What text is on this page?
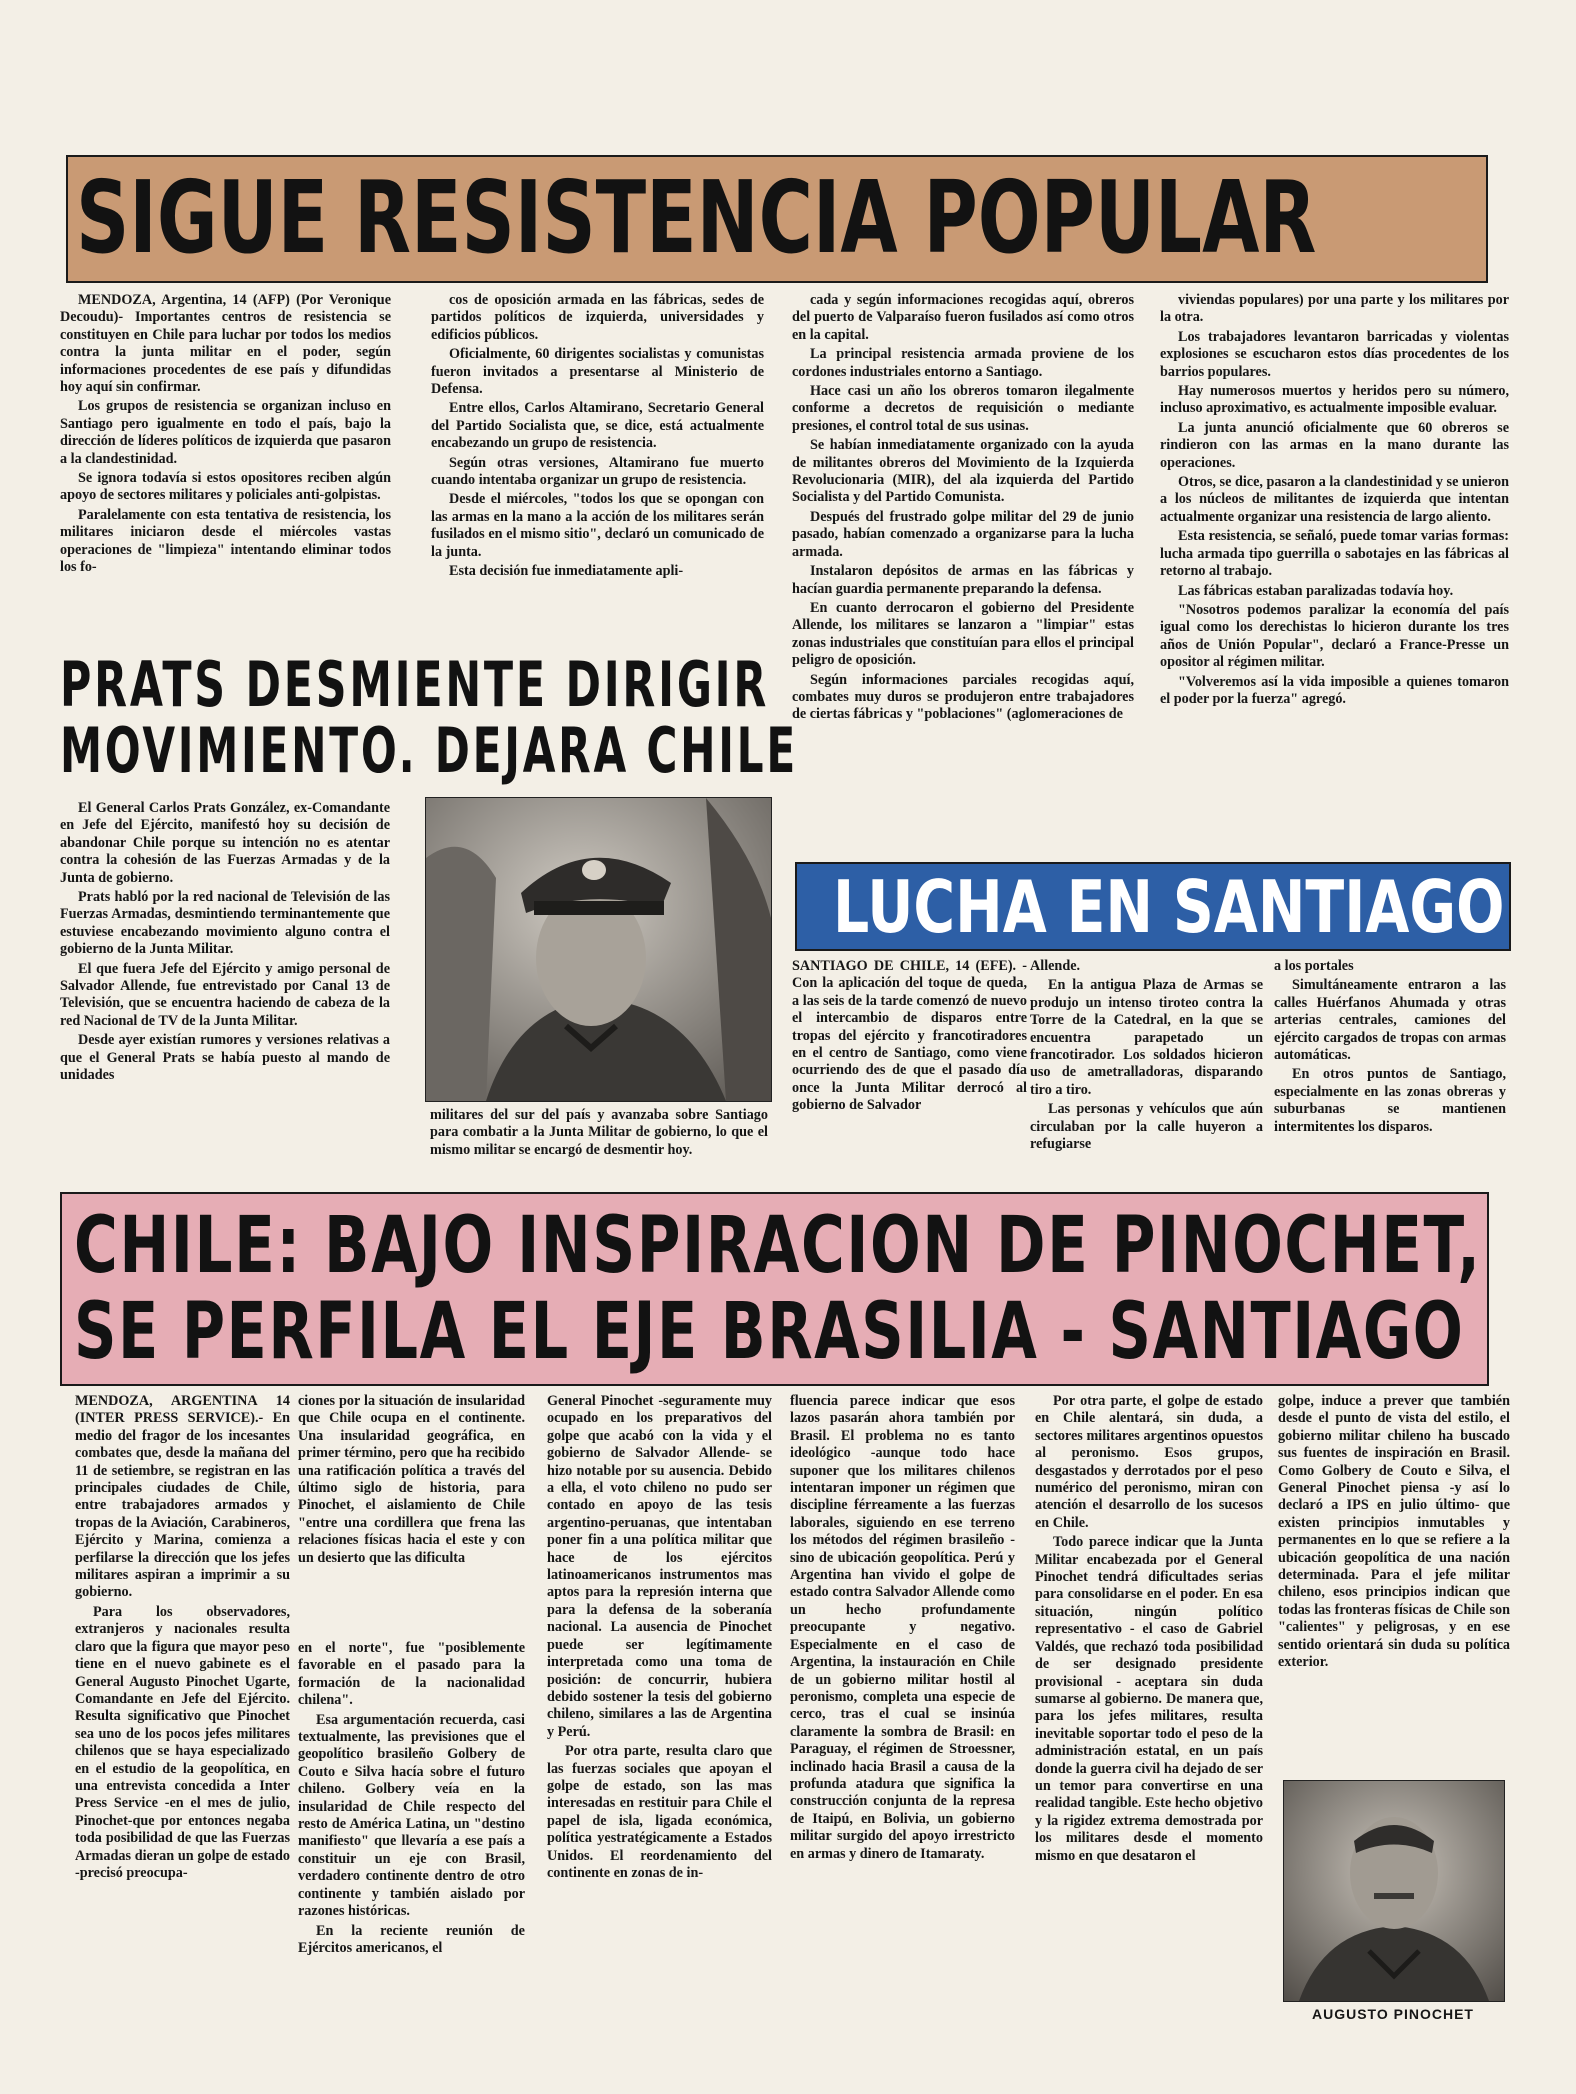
SIGUE RESISTENCIA POPULAR

MENDOZA, Argentina, 14 (AFP) (Por Veronique Decoudu)- Importantes centros de resistencia se constituyen en Chile para luchar por todos los medios contra la junta militar en el poder, según informaciones procedentes de ese país y difundidas hoy aquí sin confirmar.

Los grupos de resistencia se organizan incluso en Santiago pero igualmente en todo el país, bajo la dirección de líderes políticos de izquierda que pasaron a la clandestinidad.

Se ignora todavía si estos opositores reciben algún apoyo de sectores militares y policiales anti-golpistas.

Paralelamente con esta tentativa de resistencia, los militares iniciaron desde el miércoles vastas operaciones de "limpieza" intentando eliminar todos los fo-

cos de oposición armada en las fábricas, sedes de partidos políticos de izquierda, universidades y edificios públicos.

Oficialmente, 60 dirigentes socialistas y comunistas fueron invitados a presentarse al Ministerio de Defensa.

Entre ellos, Carlos Altamirano, Secretario General del Partido Socialista que, se dice, está actualmente encabezando un grupo de resistencia.

Según otras versiones, Altamirano fue muerto cuando intentaba organizar un grupo de resistencia.

Desde el miércoles, "todos los que se opongan con las armas en la mano a la acción de los militares serán fusilados en el mismo sitio", declaró un comunicado de la junta.

Esta decisión fue inmediatamente apli-

cada y según informaciones recogidas aquí, obreros del puerto de Valparaíso fueron fusilados así como otros en la capital.

La principal resistencia armada proviene de los cordones industriales entorno a Santiago.

Hace casi un año los obreros tomaron ilegalmente conforme a decretos de requisición o mediante presiones, el control total de sus usinas.

Se habían inmediatamente organizado con la ayuda de militantes obreros del Movimiento de la Izquierda Revolucionaria (MIR), del ala izquierda del Partido Socialista y del Partido Comunista.

Después del frustrado golpe militar del 29 de junio pasado, habían comenzado a organizarse para la lucha armada.

Instalaron depósitos de armas en las fábricas y hacían guardia permanente preparando la defensa.

En cuanto derrocaron el gobierno del Presidente Allende, los militares se lanzaron a "limpiar" estas zonas industriales que constituían para ellos el principal peligro de oposición.

Según informaciones parciales recogidas aquí, combates muy duros se produjeron entre trabajadores de ciertas fábricas y "poblaciones" (aglomeraciones de

viviendas populares) por una parte y los militares por la otra.

Los trabajadores levantaron barricadas y violentas explosiones se escucharon estos días procedentes de los barrios populares.

Hay numerosos muertos y heridos pero su número, incluso aproximativo, es actualmente imposible evaluar.

La junta anunció oficialmente que 60 obreros se rindieron con las armas en la mano durante las operaciones.

Otros, se dice, pasaron a la clandestinidad y se unieron a los núcleos de militantes de izquierda que intentan actualmente organizar una resistencia de largo aliento.

Esta resistencia, se señaló, puede tomar varias formas: lucha armada tipo guerrilla o sabotajes en las fábricas al retorno al trabajo.

Las fábricas estaban paralizadas todavía hoy.

"Nosotros podemos paralizar la economía del país igual como los derechistas lo hicieron durante los tres años de Unión Popular", declaró a France-Presse un opositor al régimen militar.

"Volveremos así la vida imposible a quienes tomaron el poder por la fuerza" agregó.

PRATS DESMIENTE DIRIGIR
MOVIMIENTO. DEJARA CHILE

El General Carlos Prats González, ex-Comandante en Jefe del Ejército, manifestó hoy su decisión de abandonar Chile porque su intención no es atentar contra la cohesión de las Fuerzas Armadas y de la Junta de gobierno.

Prats habló por la red nacional de Televisión de las Fuerzas Armadas, desmintiendo terminantemente que estuviese encabezando movimiento alguno contra el gobierno de la Junta Militar.

El que fuera Jefe del Ejército y amigo personal de Salvador Allende, fue entrevistado por Canal 13 de Televisión, que se encuentra haciendo de cabeza de la red Nacional de TV de la Junta Militar.

Desde ayer existían rumores y versiones relativas a que el General Prats se había puesto al mando de unidades

militares del sur del país y avanzaba sobre Santiago para combatir a la Junta Militar de gobierno, lo que el mismo militar se encargó de desmentir hoy.
LUCHA EN SANTIAGO
SANTIAGO DE CHILE, 14 (EFE). - Con la aplicación del toque de queda, a las seis de la tarde comenzó de nuevo el intercambio de disparos entre tropas del ejército y francotiradores en el centro de Santiago, como viene ocurriendo des de que el pasado día once la Junta Militar derrocó al gobierno de Salvador

Allende.

En la antigua Plaza de Armas se produjo un intenso tiroteo contra la Torre de la Catedral, en la que se encuentra parapetado un francotirador. Los soldados hicieron uso de ametralladoras, disparando tiro a tiro.

Las personas y vehículos que aún circulaban por la calle huyeron a refugiarse

a los portales

Simultáneamente entraron a las calles Huérfanos Ahumada y otras arterias centrales, camiones del ejército cargados de tropas con armas automáticas.

En otros puntos de Santiago, especialmente en las zonas obreras y suburbanas se mantienen intermitentes los disparos.

CHILE: BAJO INSPIRACION DE PINOCHET,
SE PERFILA EL EJE BRASILIA - SANTIAGO

MENDOZA, ARGENTINA 14 (INTER PRESS SERVICE).- En medio del fragor de los incesantes combates que, desde la mañana del 11 de setiembre, se registran en las principales ciudades de Chile, entre trabajadores armados y tropas de la Aviación, Carabineros, Ejército y Marina, comienza a perfilarse la dirección que los jefes militares aspiran a imprimir a su gobierno.

Para los observadores, extranjeros y nacionales resulta claro que la figura que mayor peso tiene en el nuevo gabinete es el General Augusto Pinochet Ugarte, Comandante en Jefe del Ejército. Resulta significativo que Pinochet sea uno de los pocos jefes militares chilenos que se haya especializado en el estudio de la geopolítica, en una entrevista concedida a Inter Press Service -en el mes de julio, Pinochet-que por entonces negaba toda posibilidad de que las Fuerzas Armadas dieran un golpe de estado -precisó preocupa-

ciones por la situación de insularidad que Chile ocupa en el continente. Una insularidad geográfica, en primer término, pero que ha recibido una ratificación política a través del último siglo de historia, para Pinochet, el aislamiento de Chile "entre una cordillera que frena las relaciones físicas hacia el este y con un desierto que las dificulta

en el norte", fue "posiblemente favorable en el pasado para la formación de la nacionalidad chilena".

Esa argumentación recuerda, casi textualmente, las previsiones que el geopolítico brasileño Golbery de Couto e Silva hacía sobre el futuro chileno. Golbery veía en la insularidad de Chile respecto del resto de América Latina, un "destino manifiesto" que llevaría a ese país a constituir un eje con Brasil, verdadero continente dentro de otro continente y también aislado por razones históricas.

En la reciente reunión de Ejércitos americanos, el

General Pinochet -seguramente muy ocupado en los preparativos del golpe que acabó con la vida y el gobierno de Salvador Allende- se hizo notable por su ausencia. Debido a ella, el voto chileno no pudo ser contado en apoyo de las tesis argentino-peruanas, que intentaban poner fin a una política militar que hace de los ejércitos latinoamericanos instrumentos mas aptos para la represión interna que para la defensa de la soberanía nacional. La ausencia de Pinochet puede ser legítimamente interpretada como una toma de posición: de concurrir, hubiera debido sostener la tesis del gobierno chileno, similares a las de Argentina y Perú.

Por otra parte, resulta claro que las fuerzas sociales que apoyan el golpe de estado, son las mas interesadas en restituir para Chile el papel de isla, ligada económica, política yestratégicamente a Estados Unidos. El reordenamiento del continente en zonas de in-

fluencia parece indicar que esos lazos pasarán ahora también por Brasil. El problema no es tanto ideológico -aunque todo hace suponer que los militares chilenos intentaran imponer un régimen que discipline férreamente a las fuerzas laborales, siguiendo en ese terreno los métodos del régimen brasileño - sino de ubicación geopolítica. Perú y Argentina han vivido el golpe de estado contra Salvador Allende como un hecho profundamente preocupante y negativo. Especialmente en el caso de Argentina, la instauración en Chile de un gobierno militar hostil al peronismo, completa una especie de cerco, tras el cual se insinúa claramente la sombra de Brasil: en Paraguay, el régimen de Stroessner, inclinado hacia Brasil a causa de la profunda atadura que significa la construcción conjunta de la represa de Itaipú, en Bolivia, un gobierno militar surgido del apoyo irrestricto en armas y dinero de Itamaraty.

Por otra parte, el golpe de estado en Chile alentará, sin duda, a sectores militares argentinos opuestos al peronismo. Esos grupos, desgastados y derrotados por el peso numérico del peronismo, miran con atención el desarrollo de los sucesos en Chile.

Todo parece indicar que la Junta Militar encabezada por el General Pinochet tendrá dificultades serias para consolidarse en el poder. En esa situación, ningún político representativo - el caso de Gabriel Valdés, que rechazó toda posibilidad de ser designado presidente provisional - aceptara sin duda sumarse al gobierno. De manera que, para los jefes militares, resulta inevitable soportar todo el peso de la administración estatal, en un país donde la guerra civil ha dejado de ser un temor para convertirse en una realidad tangible. Este hecho objetivo y la rigidez extrema demostrada por los militares desde el momento mismo en que desataron el

golpe, induce a prever que también desde el punto de vista del estilo, el gobierno militar chileno ha buscado sus fuentes de inspiración en Brasil. Como Golbery de Couto e Silva, el General Pinochet piensa -y así lo declaró a IPS en julio último- que existen principios inmutables y permanentes en lo que se refiere a la ubicación geopolítica de una nación determinada. Para el jefe militar chileno, esos principios indican que todas las fronteras físicas de Chile son "calientes" y peligrosas, y en ese sentido orientará sin duda su política exterior.

AUGUSTO PINOCHET
